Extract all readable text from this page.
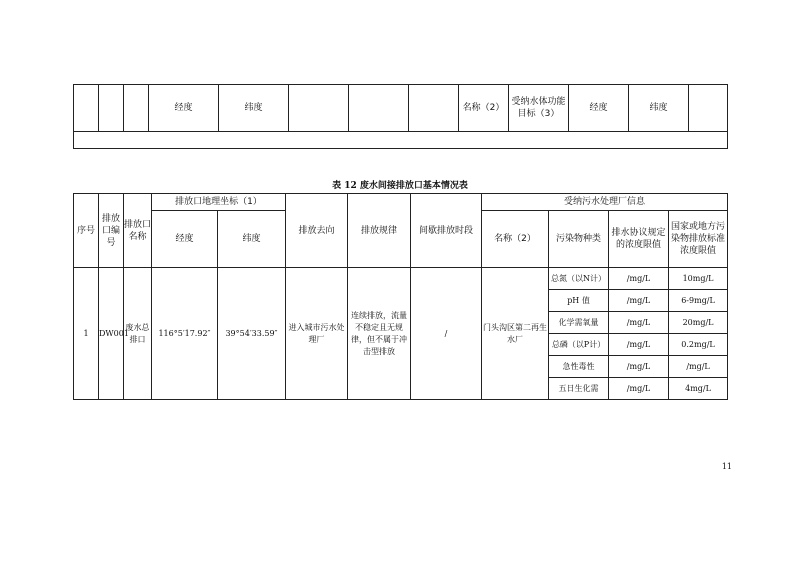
			经度	纬度				名称（2）	受纳水体功能目标（3）	经度	纬度	

表 12 废水间接排放口基本情况表
序号	排放口编号	排放口名称	排放口地理坐标（1）		排放去向	排放规律	间歇排放时段	受纳污水处理厂信息			
			经度	纬度				名称（2）	污染物种类	排水协议规定的浓度限值	国家或地方污染物排放标准浓度限值
1	DW001	废水总排口	116°5′17.92″	39°54′33.59″	进入城市污水处理厂	连续排放，流量不稳定且无规律，但不属于冲击型排放	/	门头沟区第二再生水厂	总氮（以N计）	/mg/L	10mg/L
									pH 值	/mg/L	6-9mg/L
									化学需氧量	/mg/L	20mg/L
									总磷（以P计）	/mg/L	0.2mg/L
									急性毒性	/mg/L	/mg/L
									五日生化需	/mg/L	4mg/L
11
